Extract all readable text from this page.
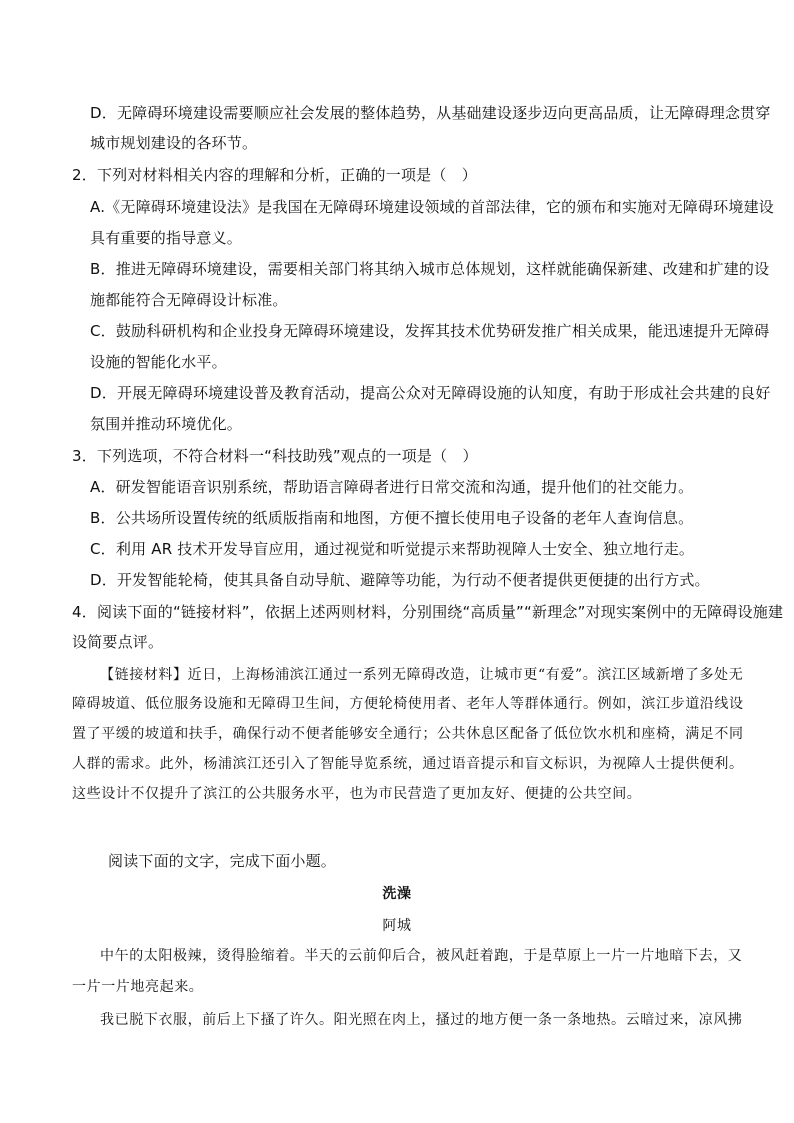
D．无障碍环境建设需要顺应社会发展的整体趋势，从基础建设逐步迈向更高品质，让无障碍理念贯穿

城市规划建设的各环节。

2．下列对材料相关内容的理解和分析，正确的一项是（　）

A.《无障碍环境建设法》是我国在无障碍环境建设领域的首部法律，它的颁布和实施对无障碍环境建设

具有重要的指导意义。

B．推进无障碍环境建设，需要相关部门将其纳入城市总体规划，这样就能确保新建、改建和扩建的设

施都能符合无障碍设计标准。

C．鼓励科研机构和企业投身无障碍环境建设，发挥其技术优势研发推广相关成果，能迅速提升无障碍

设施的智能化水平。

D．开展无障碍环境建设普及教育活动，提高公众对无障碍设施的认知度，有助于形成社会共建的良好

氛围并推动环境优化。

3．下列选项，不符合材料一“科技助残”观点的一项是（　）

A．研发智能语音识别系统，帮助语言障碍者进行日常交流和沟通，提升他们的社交能力。

B．公共场所设置传统的纸质版指南和地图，方便不擅长使用电子设备的老年人查询信息。

C．利用 AR 技术开发导盲应用，通过视觉和听觉提示来帮助视障人士安全、独立地行走。

D．开发智能轮椅，使其具备自动导航、避障等功能，为行动不便者提供更便捷的出行方式。

4．阅读下面的“链接材料”，依据上述两则材料，分别围绕“高质量”“新理念”对现实案例中的无障碍设施建

设简要点评。

【链接材料】近日，上海杨浦滨江通过一系列无障碍改造，让城市更“有爱”。滨江区域新增了多处无

障碍坡道、低位服务设施和无障碍卫生间，方便轮椅使用者、老年人等群体通行。例如，滨江步道沿线设

置了平缓的坡道和扶手，确保行动不便者能够安全通行；公共休息区配备了低位饮水机和座椅，满足不同

人群的需求。此外，杨浦滨江还引入了智能导览系统，通过语音提示和盲文标识，为视障人士提供便利。

这些设计不仅提升了滨江的公共服务水平，也为市民营造了更加友好、便捷的公共空间。

阅读下面的文字，完成下面小题。

洗澡

阿城

中午的太阳极辣，烫得脸缩着。半天的云前仰后合，被风赶着跑，于是草原上一片一片地暗下去，又

一片一片地亮起来。

我已脱下衣服，前后上下搔了许久。阳光照在肉上，搔过的地方便一条一条地热。云暗过来，凉风拂
